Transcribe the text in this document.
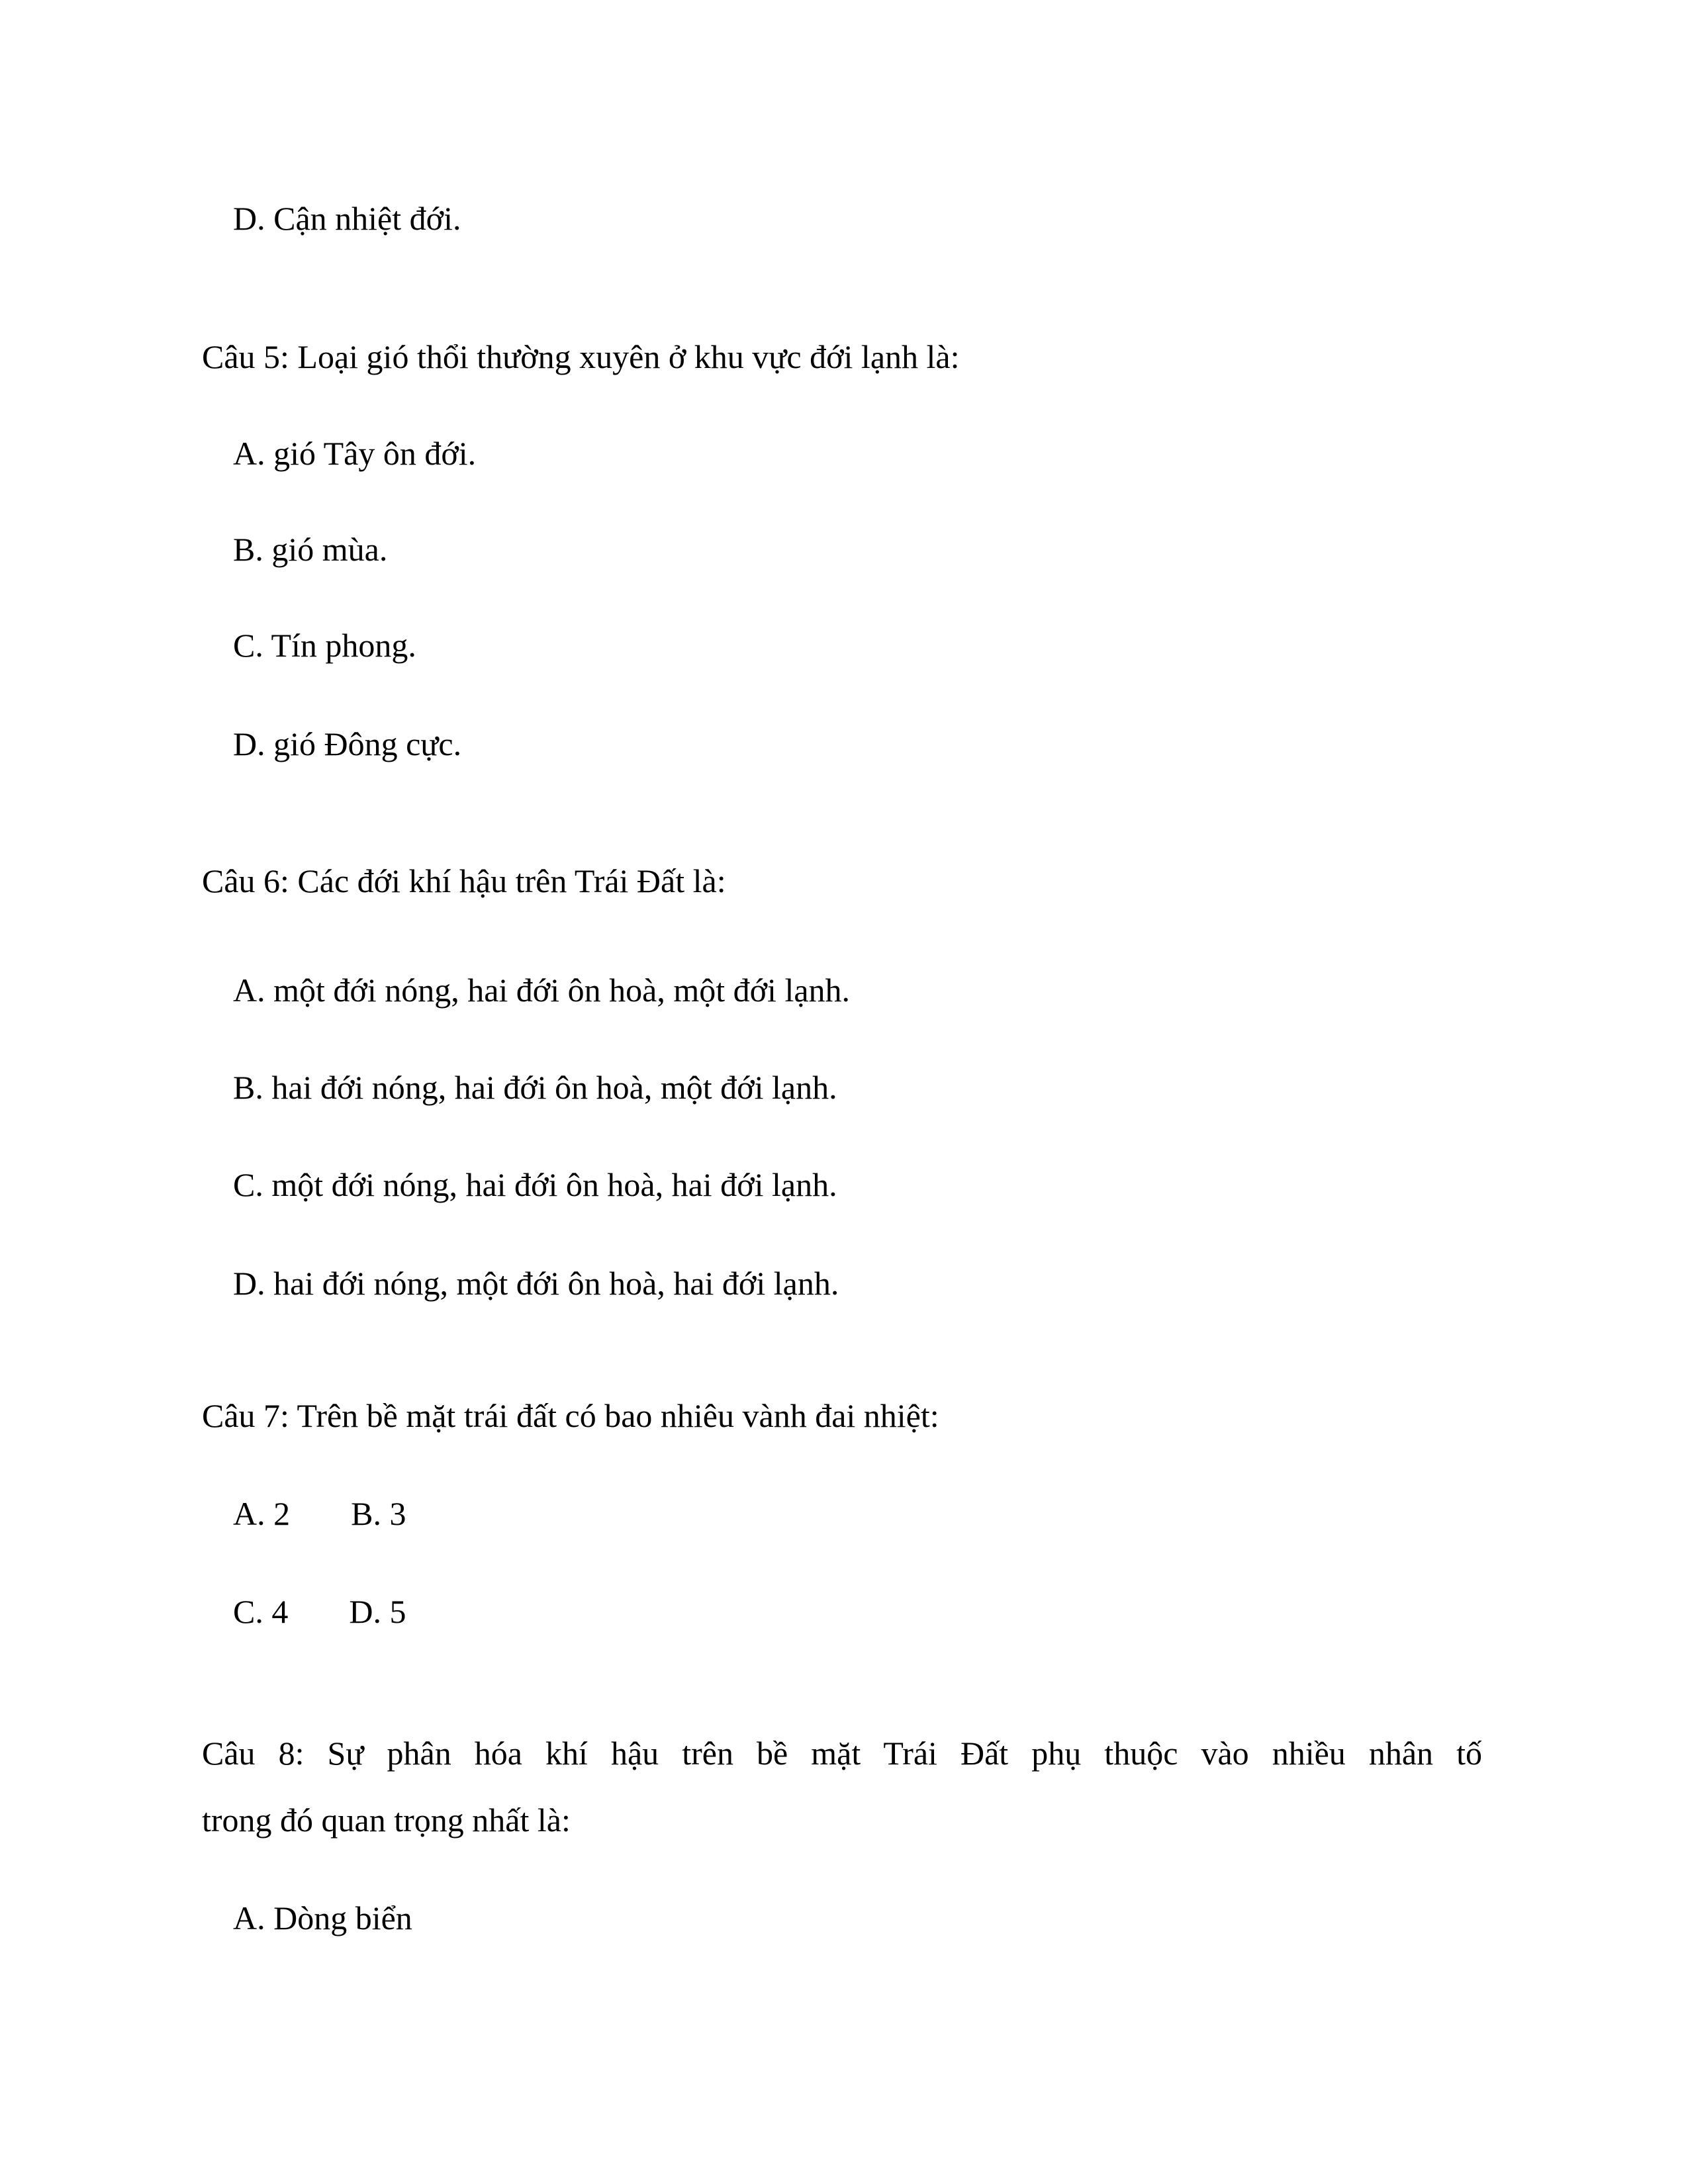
D. Cận nhiệt đới.

Câu 5: Loại gió thổi thường xuyên ở khu vực đới lạnh là:

A. gió Tây ôn đới.

B. gió mùa.

C. Tín phong.

D. gió Đông cực.

Câu 6: Các đới khí hậu trên Trái Đất là:

A. một đới nóng, hai đới ôn hoà, một đới lạnh.

B. hai đới nóng, hai đới ôn hoà, một đới lạnh.

C. một đới nóng, hai đới ôn hoà, hai đới lạnh.

D. hai đới nóng, một đới ôn hoà, hai đới lạnh.

Câu 7: Trên bề mặt trái đất có bao nhiêu vành đai nhiệt:

A. 2 B. 3

C. 4 D. 5

Câu 8: Sự phân hóa khí hậu trên bề mặt Trái Đất phụ thuộc vào nhiều nhân tố
trong đó quan trọng nhất là:

A. Dòng biển
